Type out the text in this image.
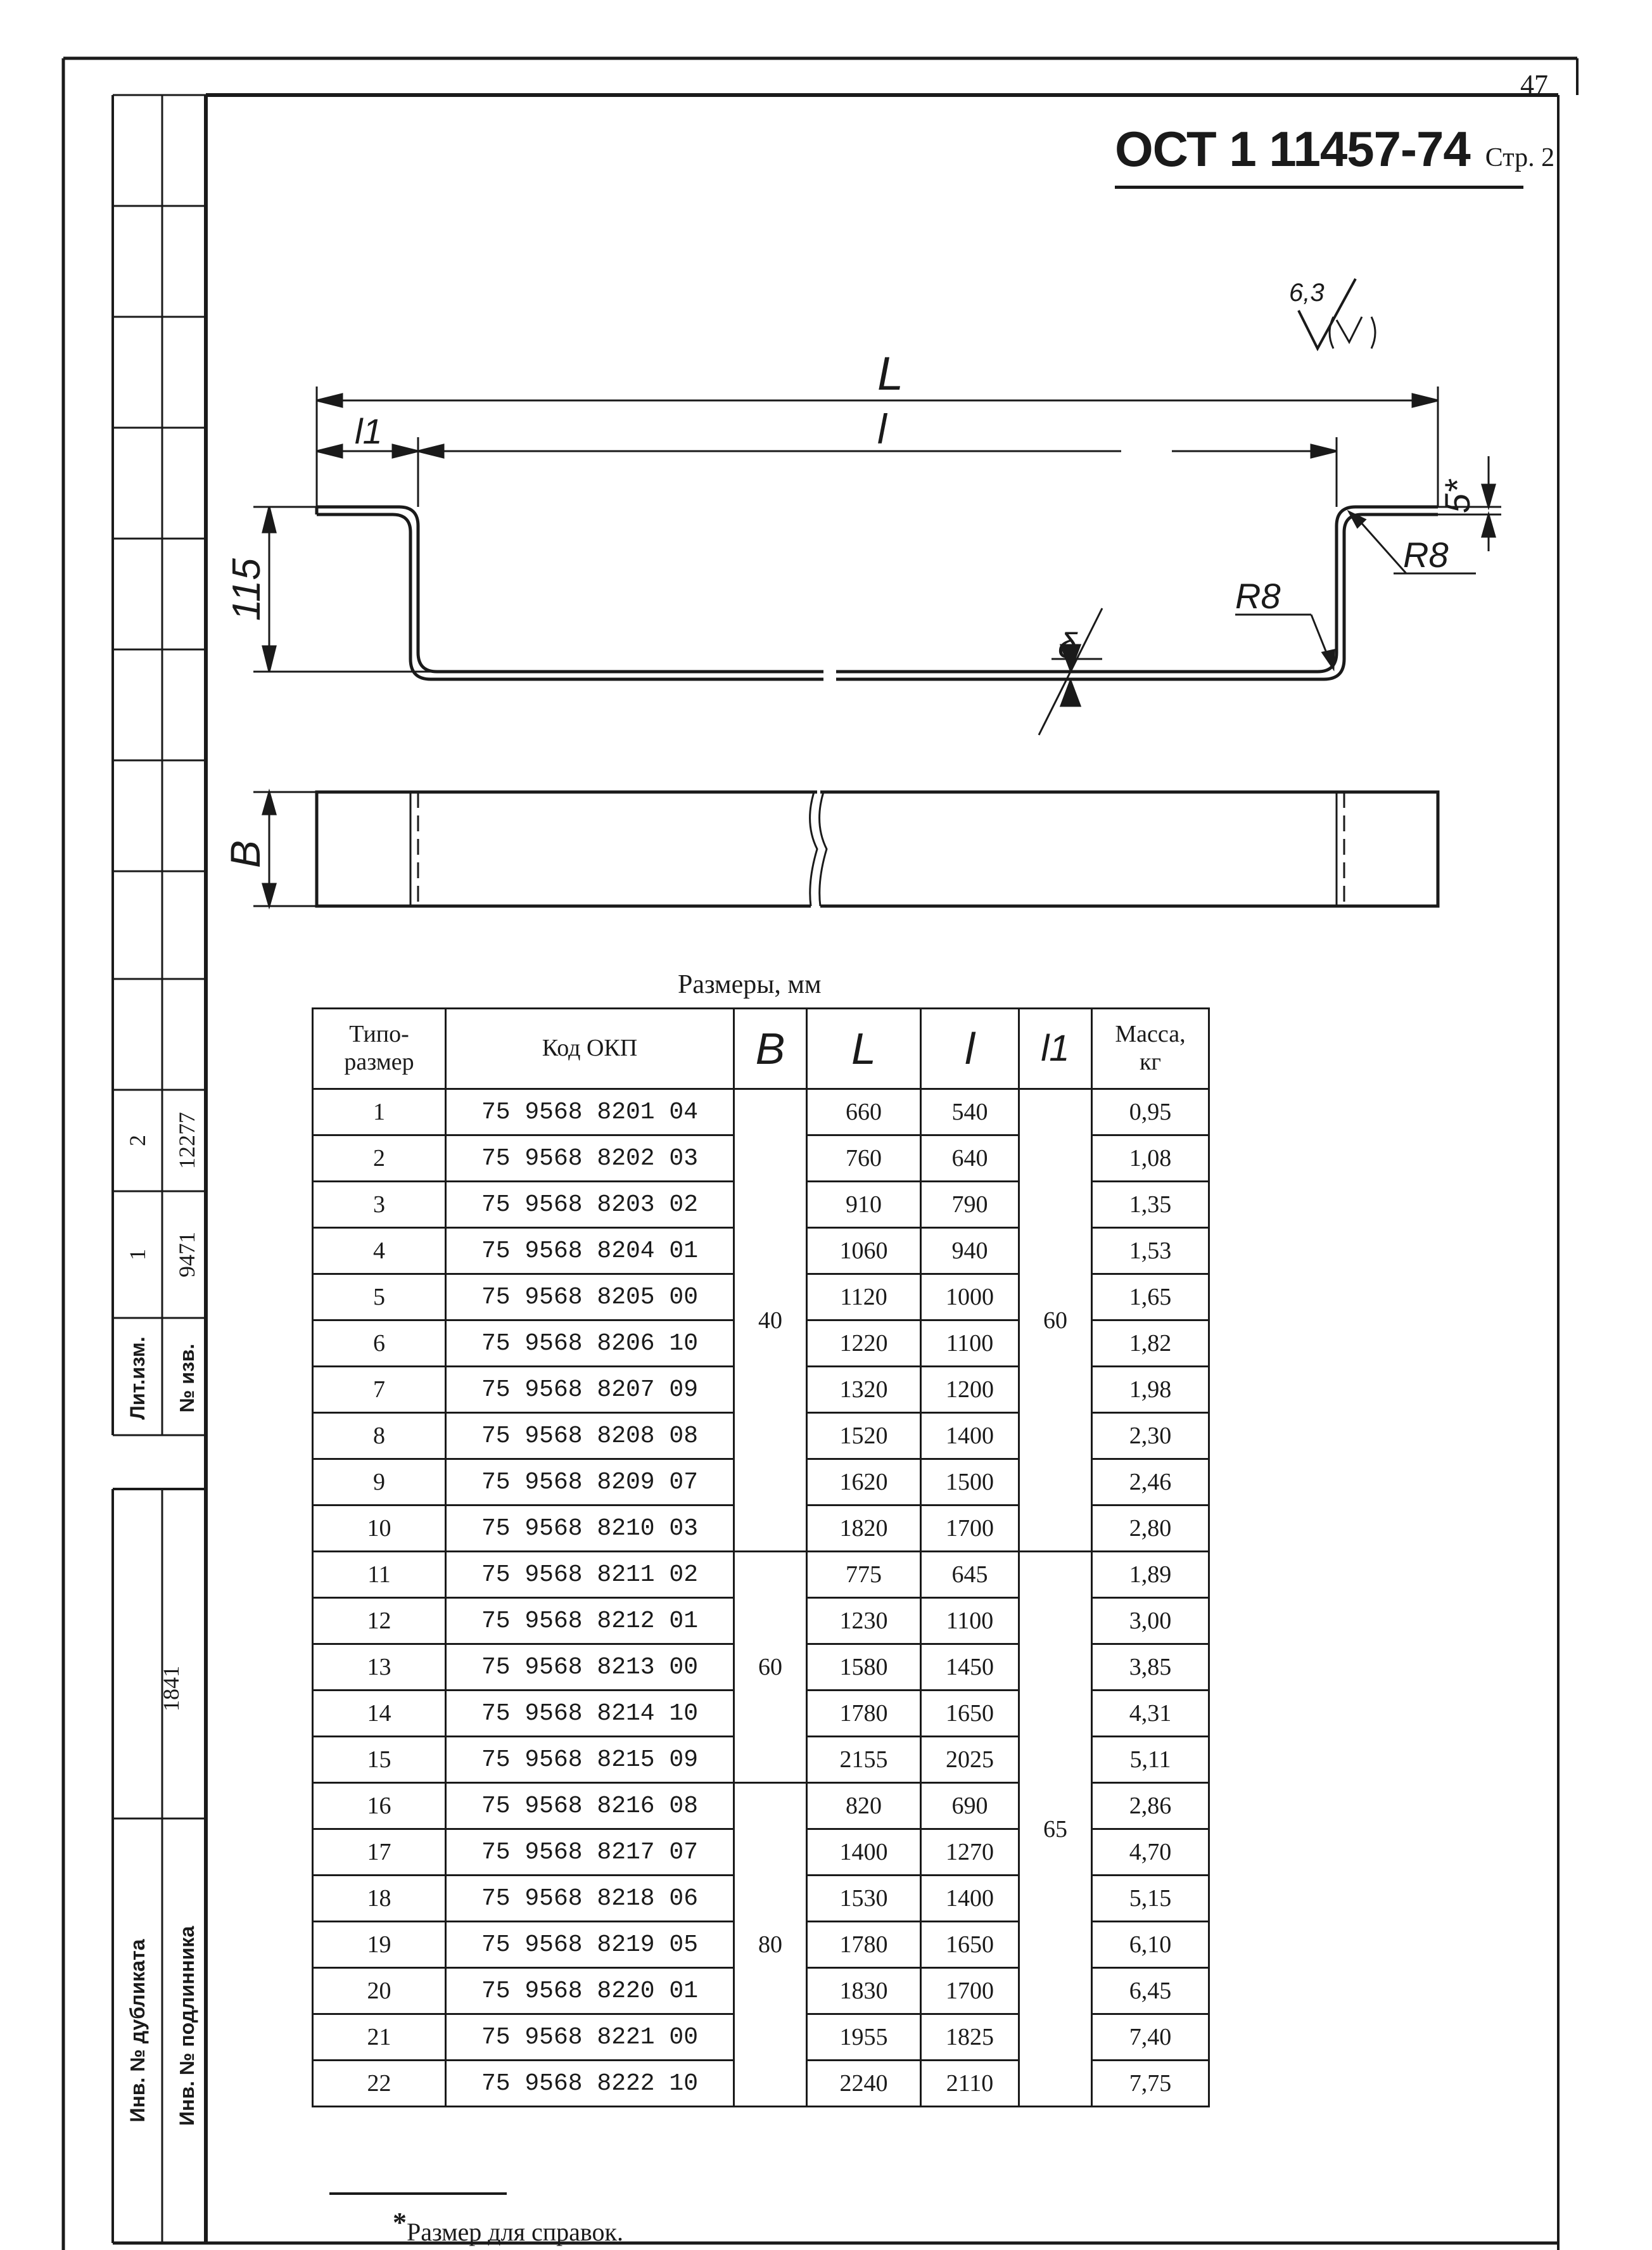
47
ОСТ 1 11457-74 Стр. 2
6,3
L
l
l1
115
5*
R8
R8
δ
B
Лит.изм. № изв.
1 9471
2 12277
1841
Инв. № дубликата Инв. № подлинника
Размеры, мм
Типо-
размер	Код ОКП	B	L	l	l1	Масса,
кг
1	75 9568 8201 04	40	660	540	60	0,95
2	75 9568 8202 03		760	640		1,08
3	75 9568 8203 02		910	790		1,35
4	75 9568 8204 01		1060	940		1,53
5	75 9568 8205 00		1120	1000		1,65
6	75 9568 8206 10		1220	1100		1,82
7	75 9568 8207 09		1320	1200		1,98
8	75 9568 8208 08		1520	1400		2,30
9	75 9568 8209 07		1620	1500		2,46
10	75 9568 8210 03		1820	1700		2,80
11	75 9568 8211 02	60	775	645	65	1,89
12	75 9568 8212 01		1230	1100		3,00
13	75 9568 8213 00		1580	1450		3,85
14	75 9568 8214 10		1780	1650		4,31
15	75 9568 8215 09		2155	2025		5,11
16	75 9568 8216 08	80	820	690		2,86
17	75 9568 8217 07		1400	1270		4,70
18	75 9568 8218 06		1530	1400		5,15
19	75 9568 8219 05		1780	1650		6,10
20	75 9568 8220 01		1830	1700		6,45
21	75 9568 8221 00		1955	1825		7,40
22	75 9568 8222 10		2240	2110		7,75
*Размер для справок.
